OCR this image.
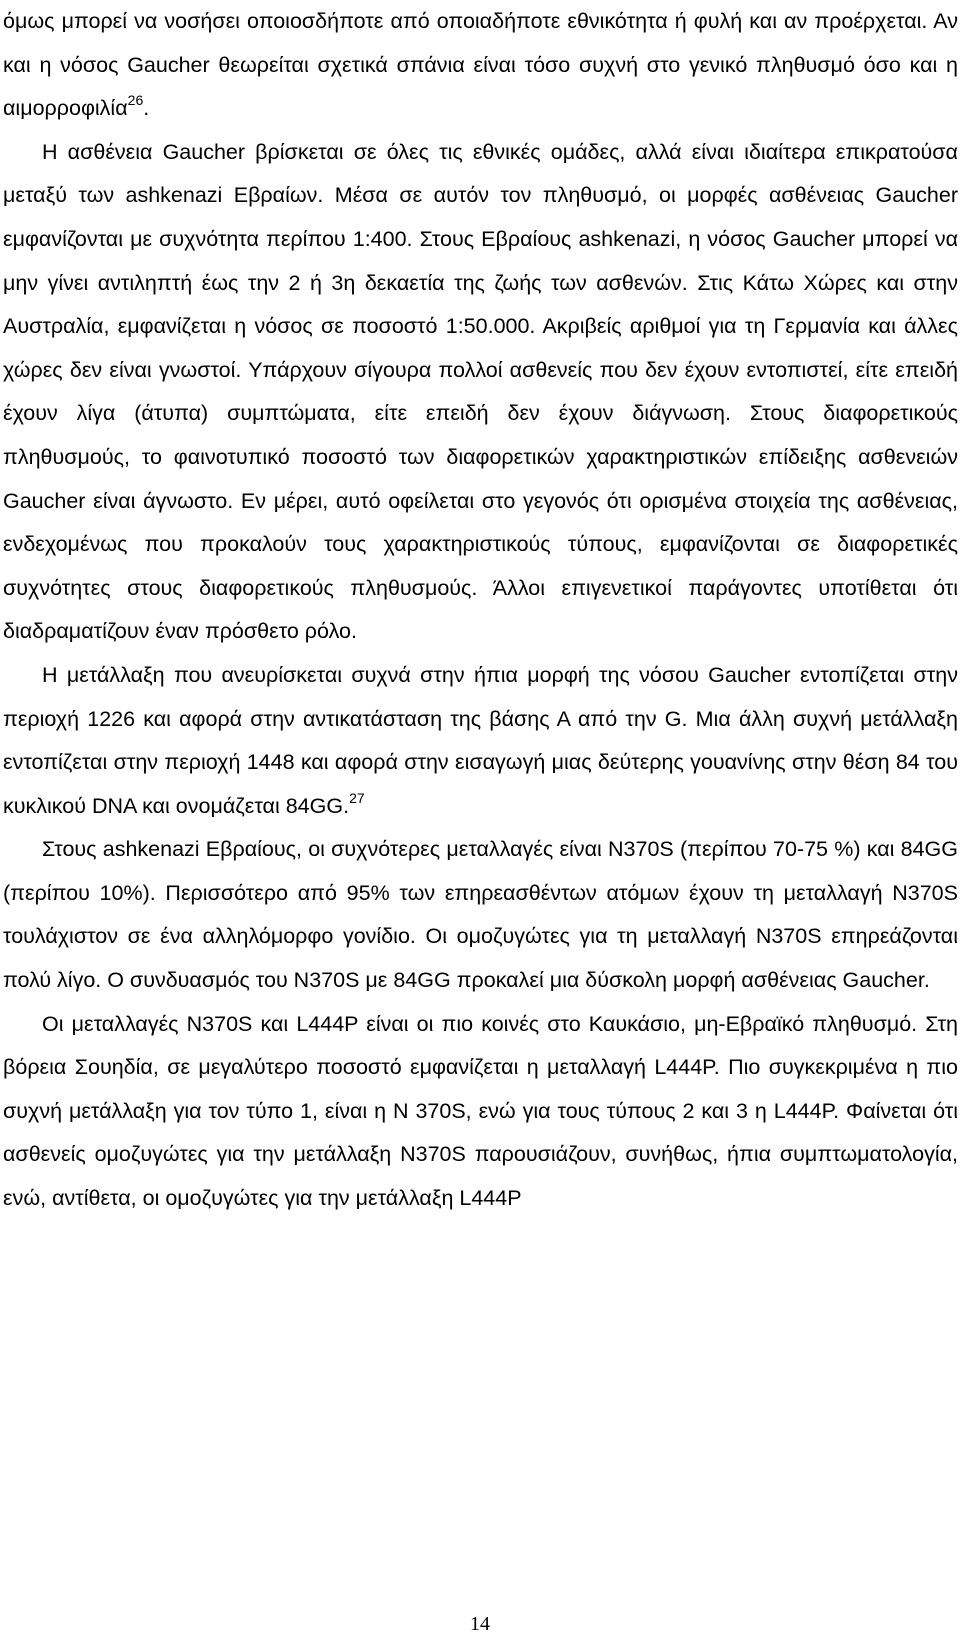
όμως μπορεί να νοσήσει οποιοσδήποτε από οποιαδήποτε εθνικότητα ή φυλή και αν προέρχεται. Αν και η νόσος Gaucher θεωρείται σχετικά σπάνια είναι τόσο συχνή στο γενικό πληθυσμό όσο και η αιμορροφιλία$^{26}$.

Η ασθένεια Gaucher βρίσκεται σε όλες τις εθνικές ομάδες, αλλά είναι ιδιαίτερα επικρατούσα μεταξύ των ashkenazi Εβραίων. Μέσα σε αυτόν τον πληθυσμό, οι μορφές ασθένειας Gaucher εμφανίζονται με συχνότητα περίπου 1:400. Στους Εβραίους ashkenazi, η νόσος Gaucher μπορεί να μην γίνει αντιληπτή έως την 2 ή 3η δεκαετία της ζωής των ασθενών. Στις Κάτω Χώρες και στην Αυστραλία, εμφανίζεται η νόσος σε ποσοστό 1:50.000. Ακριβείς αριθμοί για τη Γερμανία και άλλες χώρες δεν είναι γνωστοί. Υπάρχουν σίγουρα πολλοί ασθενείς που δεν έχουν εντοπιστεί, είτε επειδή έχουν λίγα (άτυπα) συμπτώματα, είτε επειδή δεν έχουν διάγνωση. Στους διαφορετικούς πληθυσμούς, το φαινοτυπικό ποσοστό των διαφορετικών χαρακτηριστικών επίδειξης ασθενειών Gaucher είναι άγνωστο. Εν μέρει, αυτό οφείλεται στο γεγονός ότι ορισμένα στοιχεία της ασθένειας, ενδεχομένως που προκαλούν τους χαρακτηριστικούς τύπους, εμφανίζονται σε διαφορετικές συχνότητες στους διαφορετικούς πληθυσμούς. Άλλοι επιγενετικοί παράγοντες υποτίθεται ότι διαδραματίζουν έναν πρόσθετο ρόλο.

Η μετάλλαξη που ανευρίσκεται συχνά στην ήπια μορφή της νόσου Gaucher εντοπίζεται στην περιοχή 1226 και αφορά στην αντικατάσταση της βάσης Α από την G. Μια άλλη συχνή μετάλλαξη εντοπίζεται στην περιοχή 1448 και αφορά στην εισαγωγή μιας δεύτερης γουανίνης στην θέση 84 του κυκλικού DNA και ονομάζεται 84GG.$^{27}$

Στους ashkenazi Εβραίους, οι συχνότερες μεταλλαγές είναι N370S (περίπου 70-75 %) και 84GG (περίπου 10%). Περισσότερο από 95% των επηρεασθέντων ατόμων έχουν τη μεταλλαγή N370S τουλάχιστον σε ένα αλληλόμορφο γονίδιο. Οι ομοζυγώτες για τη μεταλλαγή N370S επηρεάζονται πολύ λίγο. Ο συνδυασμός του N370S με 84GG προκαλεί μια δύσκολη μορφή ασθένειας Gaucher.

Οι μεταλλαγές N370S και L444P είναι οι πιο κοινές στο Καυκάσιο, μη-Εβραϊκό πληθυσμό. Στη βόρεια Σουηδία, σε μεγαλύτερο ποσοστό εμφανίζεται η μεταλλαγή L444P. Πιο συγκεκριμένα η πιο συχνή μετάλλαξη για τον τύπο 1, είναι η N 370S, ενώ για τους τύπους 2 και 3 η L444P. Φαίνεται ότι ασθενείς ομοζυγώτες για την μετάλλαξη N370S παρουσιάζουν, συνήθως, ήπια συμπτωματολογία, ενώ, αντίθετα, οι ομοζυγώτες για την μετάλλαξη L444P

14
